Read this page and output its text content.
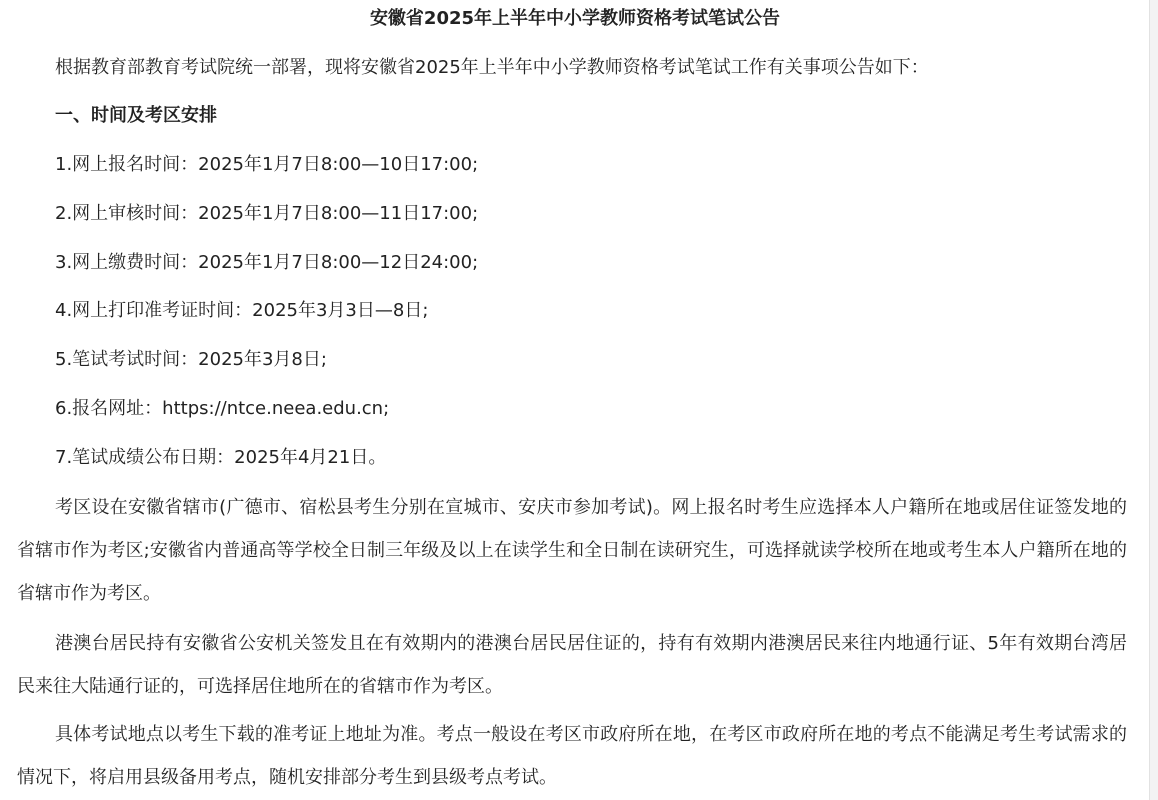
安徽省2025年上半年中小学教师资格考试笔试公告
根据教育部教育考试院统一部署，现将安徽省2025年上半年中小学教师资格考试笔试工作有关事项公告如下：
一、时间及考区安排
1.网上报名时间：2025年1月7日8:00—10日17:00;
2.网上审核时间：2025年1月7日8:00—11日17:00;
3.网上缴费时间：2025年1月7日8:00—12日24:00;
4.网上打印准考证时间：2025年3月3日—8日;
5.笔试考试时间：2025年3月8日;
6.报名网址：https://ntce.neea.edu.cn;
7.笔试成绩公布日期：2025年4月21日。
考区设在安徽省辖市(广德市、宿松县考生分别在宣城市、安庆市参加考试)。网上报名时考生应选择本人户籍所在地或居住证签发地的省辖市作为考区;安徽省内普通高等学校全日制三年级及以上在读学生和全日制在读研究生，可选择就读学校所在地或考生本人户籍所在地的省辖市作为考区。
港澳台居民持有安徽省公安机关签发且在有效期内的港澳台居民居住证的，持有有效期内港澳居民来往内地通行证、5年有效期台湾居民来往大陆通行证的，可选择居住地所在的省辖市作为考区。
具体考试地点以考生下载的准考证上地址为准。考点一般设在考区市政府所在地，在考区市政府所在地的考点不能满足考生考试需求的情况下，将启用县级备用考点，随机安排部分考生到县级考点考试。
